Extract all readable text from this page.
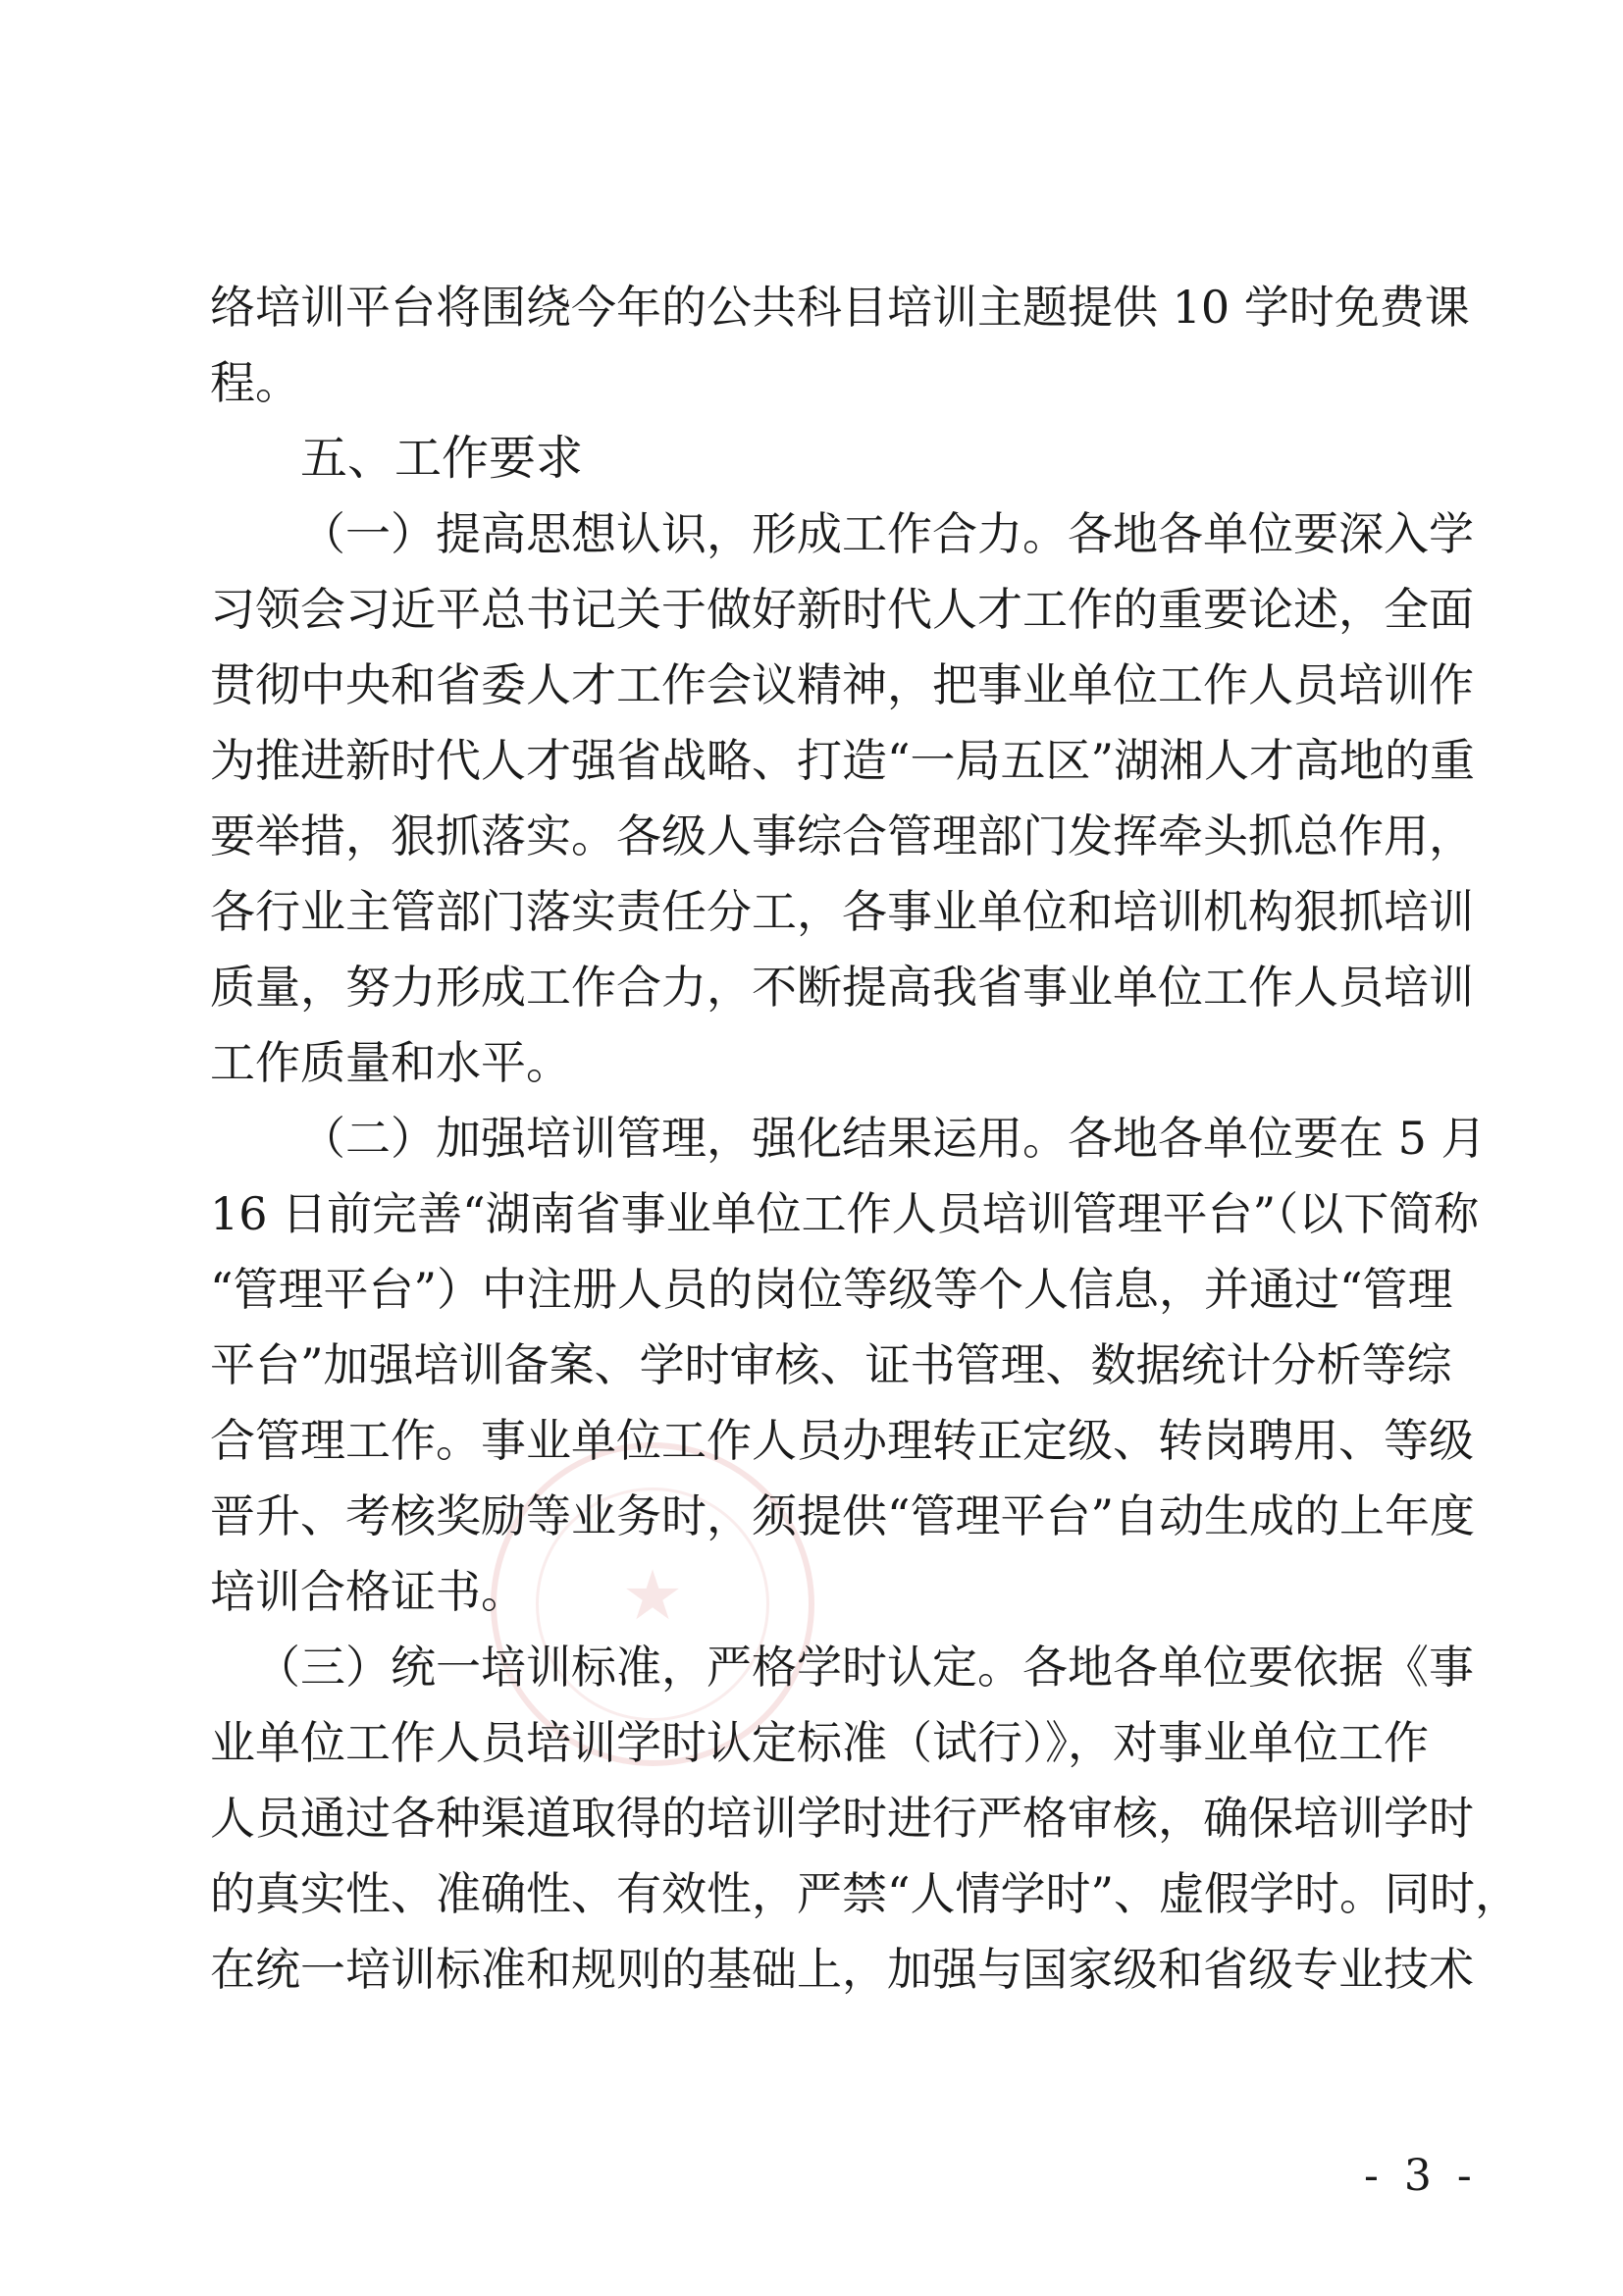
★
络培训平台将围绕今年的公共科目培训主题提供 10 学时免费课
程。
五、工作要求
（一）提高思想认识，形成工作合力。各地各单位要深入学
习领会习近平总书记关于做好新时代人才工作的重要论述，全面
贯彻中央和省委人才工作会议精神，把事业单位工作人员培训作
为推进新时代人才强省战略、打造“一局五区”湖湘人才高地的重
要举措，狠抓落实。各级人事综合管理部门发挥牵头抓总作用，
各行业主管部门落实责任分工，各事业单位和培训机构狠抓培训
质量，努力形成工作合力，不断提高我省事业单位工作人员培训
工作质量和水平。
（二）加强培训管理，强化结果运用。各地各单位要在 5 月
16 日前完善“湖南省事业单位工作人员培训管理平台”（以下简称
“管理平台”）中注册人员的岗位等级等个人信息，并通过“管理
平台”加强培训备案、学时审核、证书管理、数据统计分析等综
合管理工作。事业单位工作人员办理转正定级、转岗聘用、等级
晋升、考核奖励等业务时，须提供“管理平台”自动生成的上年度
培训合格证书。
（三）统一培训标准，严格学时认定。各地各单位要依据《事
业单位工作人员培训学时认定标准（试行）》，对事业单位工作
人员通过各种渠道取得的培训学时进行严格审核，确保培训学时
的真实性、准确性、有效性，严禁“人情学时”、虚假学时。同时，
在统一培训标准和规则的基础上，加强与国家级和省级专业技术
- 3 -
